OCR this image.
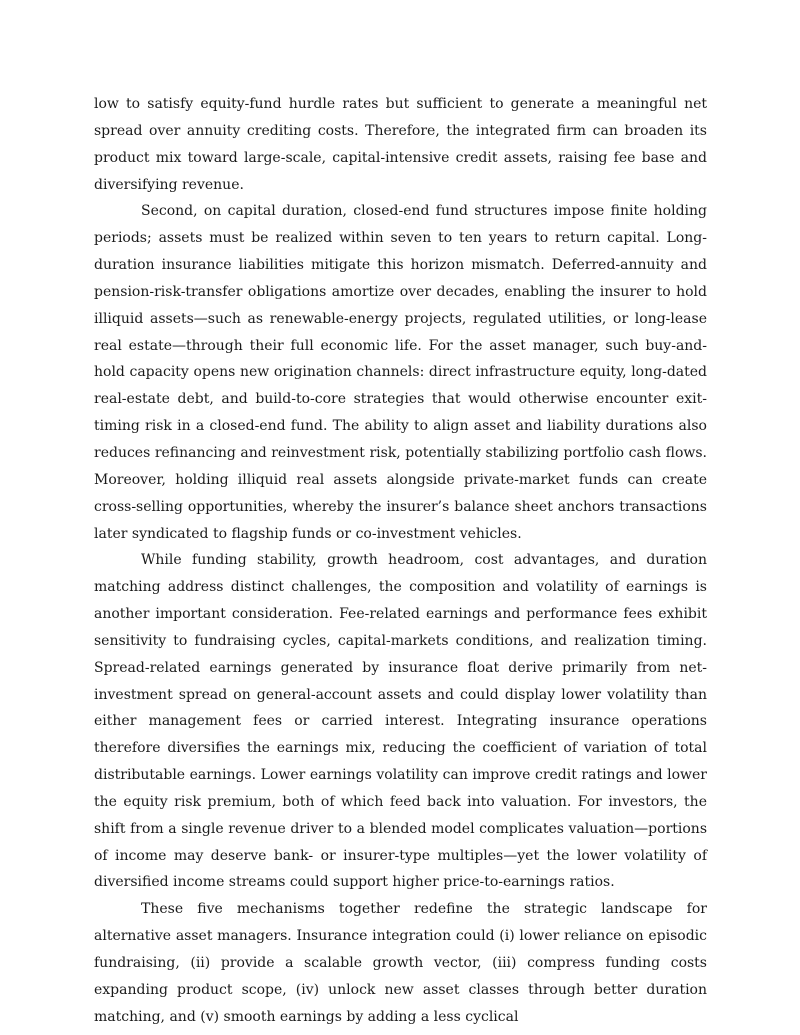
low to satisfy equity-fund hurdle rates but sufficient to generate a meaningful net spread over annuity crediting costs. Therefore, the integrated firm can broaden its product mix toward large-scale, capital-intensive credit assets, raising fee base and diversifying revenue.

Second, on capital duration, closed-end fund structures impose finite holding periods; assets must be realized within seven to ten years to return capital. Long-duration insurance liabilities mitigate this horizon mismatch. Deferred-annuity and pension-risk-transfer obligations amortize over decades, enabling the insurer to hold illiquid assets—such as renewable-energy projects, regulated utilities, or long-lease real estate—through their full economic life. For the asset manager, such buy-and-hold capacity opens new origination channels: direct infrastructure equity, long-dated real-estate debt, and build-to-core strategies that would otherwise encounter exit-timing risk in a closed-end fund. The ability to align asset and liability durations also reduces refinancing and reinvestment risk, potentially stabilizing portfolio cash flows. Moreover, holding illiquid real assets alongside private-market funds can create cross-selling opportunities, whereby the insurer’s balance sheet anchors transactions later syndicated to flagship funds or co-investment vehicles.

While funding stability, growth headroom, cost advantages, and duration matching address distinct challenges, the composition and volatility of earnings is another important consideration. Fee-related earnings and performance fees exhibit sensitivity to fundraising cycles, capital-markets conditions, and realization timing. Spread-related earnings generated by insurance float derive primarily from net-investment spread on general-account assets and could display lower volatility than either management fees or carried interest. Integrating insurance operations therefore diversifies the earnings mix, reducing the coefficient of variation of total distributable earnings. Lower earnings volatility can improve credit ratings and lower the equity risk premium, both of which feed back into valuation. For investors, the shift from a single revenue driver to a blended model complicates valuation—portions of income may deserve bank- or insurer-type multiples—yet the lower volatility of diversified income streams could support higher price-to-earnings ratios.

These five mechanisms together redefine the strategic landscape for alternative asset managers. Insurance integration could (i) lower reliance on episodic fundraising, (ii) provide a scalable growth vector, (iii) compress funding costs expanding product scope, (iv) unlock new asset classes through better duration matching, and (v) smooth earnings by adding a less cyclical
